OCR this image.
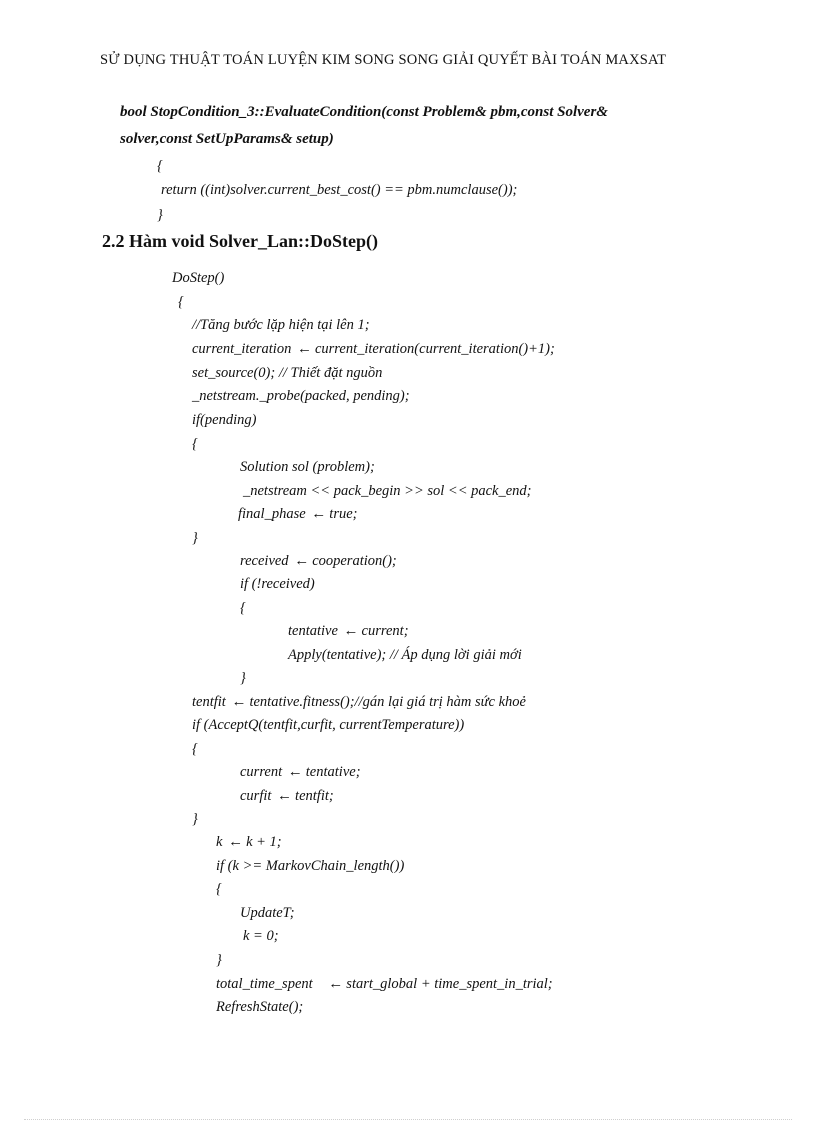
SỬ DỤNG THUẬT TOÁN LUYỆN KIM SONG SONG GIẢI QUYẾT BÀI TOÁN MAXSAT
bool StopCondition_3::EvaluateCondition(const Problem& pbm,const Solver&
solver,const SetUpParams& setup)
{
return ((int)solver.current_best_cost() == pbm.numclause());
}
2.2 Hàm void Solver_Lan::DoStep()
DoStep()
{
//Tăng bước lặp hiện tại lên 1;
current_iteration ← current_iteration(current_iteration()+1);
set_source(0); // Thiết đặt nguồn
_netstream._probe(packed, pending);
if(pending)
{
Solution sol (problem);
_netstream << pack_begin >> sol << pack_end;
final_phase ← true;
}
received ← cooperation();
if (!received)
{
tentative ← current;
Apply(tentative); // Áp dụng lời giải mới
}
tentfit ← tentative.fitness();//gán lại giá trị hàm sức khoẻ
if (AcceptQ(tentfit,curfit, currentTemperature))
{
current ← tentative;
curfit ← tentfit;
}
k ← k + 1;
if (k >= MarkovChain_length())
{
UpdateT;
k = 0;
}
total_time_spent ← start_global + time_spent_in_trial;
RefreshState();
